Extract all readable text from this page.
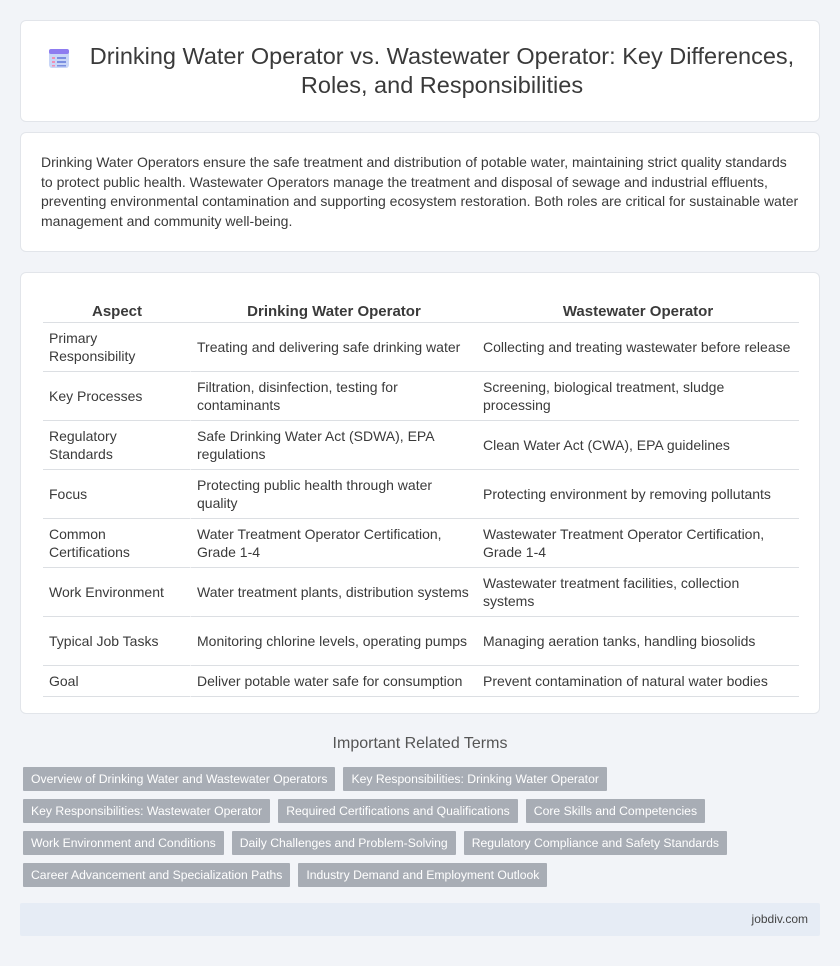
Drinking Water Operator vs. Wastewater Operator: Key Differences, Roles, and Responsibilities

Drinking Water Operators ensure the safe treatment and distribution of potable water, maintaining strict quality standards to protect public health. Wastewater Operators manage the treatment and disposal of sewage and industrial effluents, preventing environmental contamination and supporting ecosystem restoration. Both roles are critical for sustainable water management and community well-being.

Aspect	Drinking Water Operator	Wastewater Operator
Primary Responsibility	Treating and delivering safe drinking water	Collecting and treating wastewater before release
Key Processes	Filtration, disinfection, testing for contaminants	Screening, biological treatment, sludge processing
Regulatory Standards	Safe Drinking Water Act (SDWA), EPA regulations	Clean Water Act (CWA), EPA guidelines
Focus	Protecting public health through water quality	Protecting environment by removing pollutants
Common Certifications	Water Treatment Operator Certification, Grade 1-4	Wastewater Treatment Operator Certification, Grade 1-4
Work Environment	Water treatment plants, distribution systems	Wastewater treatment facilities, collection systems
Typical Job Tasks	Monitoring chlorine levels, operating pumps	Managing aeration tanks, handling biosolids
Goal	Deliver potable water safe for consumption	Prevent contamination of natural water bodies
Important Related Terms
Overview of Drinking Water and Wastewater Operators	Key Responsibilities: Drinking Water Operator
Key Responsibilities: Wastewater Operator	Required Certifications and Qualifications	Core Skills and Competencies
Work Environment and Conditions	Daily Challenges and Problem-Solving	Regulatory Compliance and Safety Standards
Career Advancement and Specialization Paths	Industry Demand and Employment Outlook
jobdiv.com
